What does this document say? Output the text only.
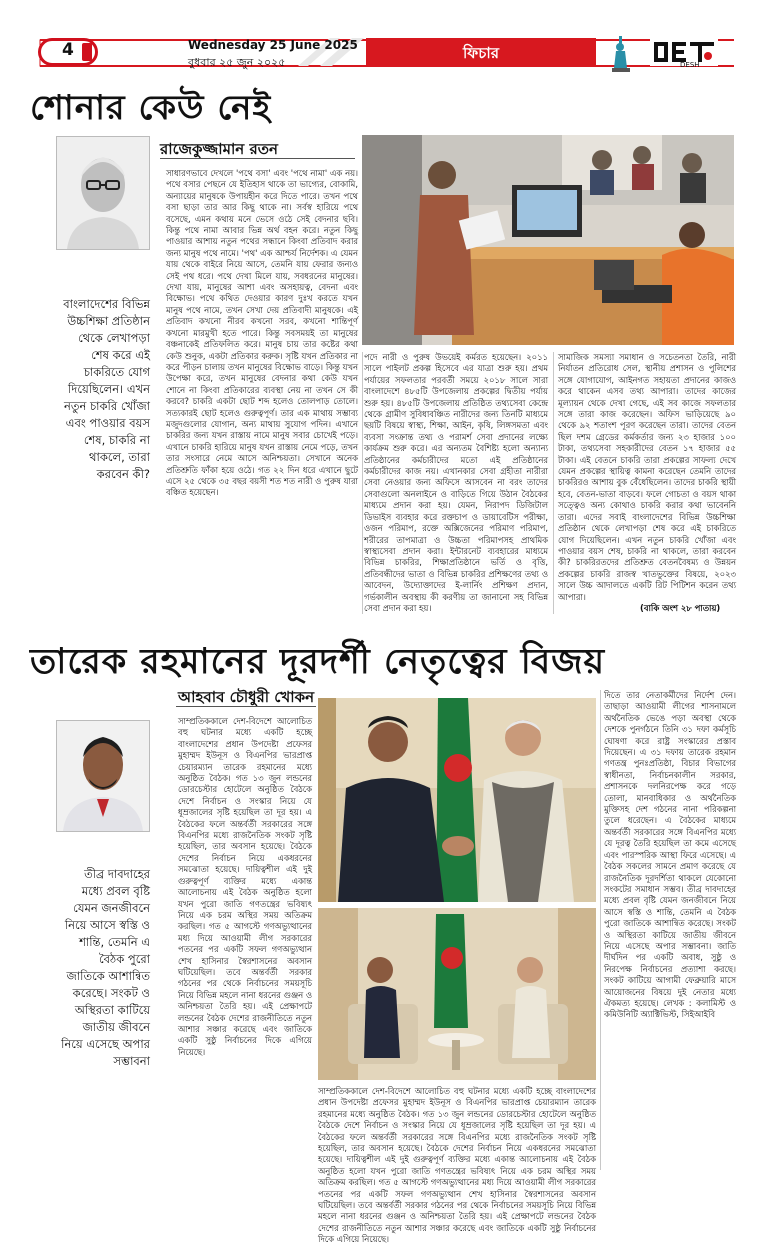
4	Wednesday 25 June 2025
বুধবার ২৫ জুন ২০২৫
ফিচার
DESH
শোনার কেউ নেই
রাজেকুজ্জামান রতন
বাংলাদেশের বিভিন্ন উচ্চশিক্ষা প্রতিষ্ঠান থেকে লেখাপড়া শেষ করে এই চাকরিতে যোগ দিয়েছিলেন। এখন নতুন চাকরি খোঁজা এবং পাওয়ার বয়স শেষ, চাকরি না থাকলে, তারা করবেন কী?
সাধারণভাবে দেখলে 'পথে বসা' এবং 'পথে নামা' এক নয়। পথে বসার পেছনে যে ইতিহাস থাকে তা ভাগ্যের, বোকামি, অন্যায়ের মানুষকে উপায়হীন করে দিতে পারে। তখন পথে বসা ছাড়া তার আর কিছু থাকে না। সর্বস্ব হারিয়ে পথে বসেছে, এমন কথায় মনে ভেসে ওঠে সেই বেদনার ছবি। কিন্তু পথে নামা আবার ভিন্ন অর্থ বহন করে। নতুন কিছু পাওয়ার আশায় নতুন পথের সন্ধানে কিংবা প্রতিবাদ করার জন্য মানুষ পথে নামে। 'পথ' এক আশ্চর্য নির্দেশক। এ যেমন যায় থেকে বাইরে নিয়ে আসে, তেমনি যায় ফেরার জন্যও সেই পথ ধরে। পথে দেখা মিলে যায়, সবধরনের মানুষের। দেখা যায়, মানুষের আশা এবং অসহায়ত্ব, বেদনা এবং বিক্ষোভ। পথে কথিত দেওয়ার কারণ দুঃখ করতে যখন মানুষ পথে নামে, তখন সেখা দেয় প্রতিবাদী মানুষকে। এই প্রতিবাদ কখনো নীরব কখনো সরব, কখনো শান্তিপূর্ণ কখনো মারমুখী হতে পারে। কিন্তু সবসময়ই তা মানুষের বঞ্চনাকেই প্রতিফলিত করে। মানুষ চায় তার কষ্টের কথা কেউ শুনুক, একটা প্রতিকার করুক। সৃষ্টি যখন প্রতিকার না করে পীড়ন চালায় তখন মানুষের বিক্ষোভ বাড়ে। কিন্তু যখন উপেক্ষা করে, তখন মানুষের বেদনার কথা কেউ যখন শোনে না কিংবা প্রতিকারের ব্যবস্থা নেয় না তখন সে কী করবে? চাকরি একটা ছোট শব্দ হলেও তোলপাড় তোলে। সত্যকারই ছোট হলেও গুরুত্বপূর্ণ। তার এক মাথায় সম্ভাব্য মজুদগুলোর যোগান, অন্য মাথায় সুযোগ পদিন। এখানে চাকরির জন্য যখন রাস্তায় নামে মানুষ সবার চোখেই পড়ে। এখানে চাকরি হারিয়ে মানুষ যখন রাস্তায় নেমে পড়ে, তখন তার সংসারে নেমে আসে অনিশ্চয়তা। সেখানে অনেক প্রতিশ্রুতি ফাঁকা হয়ে ওঠে। গত ২২ দিন ধরে এখানে ছুটে এসে ২৫ থেকে ৩৫ বছর বয়সী শত শত নারী ও পুরুষ যারা বঞ্চিত হয়েছেন।
পদে নারী ও পুরুষ উভয়েই কর্মরত হয়েছেন। ২০১১ সালে পাইলট প্রকল্প হিসেবে এর যাত্রা শুরু হয়। প্রথম পর্যায়ের সফলতার পরবর্তী সময়ে ২০১৮ সালে সারা বাংলাদেশে ৪৮৫টি উপজেলায় প্রকল্পের দ্বিতীয় পর্যায় শুরু হয়। ৪৮৫টি উপজেলায় প্রতিষ্ঠিত তথ্যসেবা কেন্দ্রে থেকে গ্রামীণ সুবিধাবঞ্চিত নারীদের জন্য তিনটি মাধ্যমে ছয়টি বিষয়ে স্বাস্থ্য, শিক্ষা, আইন, কৃষি, লিঙ্গসমতা এবং ব্যবসা সংক্রান্ত তথ্য ও পরামর্শ সেবা প্রদানের লক্ষ্যে কার্যক্রম শুরু করে। এর অন্যতম বৈশিষ্ট্য হলো অন্যান্য প্রতিষ্ঠানের কর্মচারীদের মতো এই প্রতিষ্ঠানের কর্মচারীদের কাজ নয়। এখানকার সেবা গ্রহীতা নারীরা সেবা নেওয়ার জন্য অফিসে আসবেন না বরং তাদের সেবাগুলো অনলাইনে ও বাড়িতে গিয়ে উঠান বৈঠকের মাধ্যমে প্রদান করা হয়। যেমন, নিরাপদ ডিজিটাল ডিভাইস ব্যবহার করে রক্তচাপ ও ডায়াবেটিস পরীক্ষা, ওজন পরিমাপ, রক্তে অক্সিজেনের পরিমাণ পরিমাপ, শরীরের তাপমাত্রা ও উচ্চতা পরিমাপসহ প্রাথমিক স্বাস্থ্যসেবা প্রদান করা। ইন্টারনেট ব্যবহারের মাধ্যমে বিভিন্ন চাকরির, শিক্ষাপ্রতিষ্ঠানে ভর্তি ও বৃত্তি, প্রতিবন্ধীদের ভাতা ও বিভিন্ন চাকরির প্রশিক্ষণের তথ্য ও আবেদন, উদ্যোক্তাদের ই-লার্নিং প্রশিক্ষণ প্রদান, গর্ভকালীন অবস্থায় কী করণীয় তা জানানো সহ বিভিন্ন সেবা প্রদান করা হয়।
সামাজিক সমস্যা সমাধান ও সচেতনতা তৈরি, নারী নির্যাতন প্রতিরোধ সেল, স্থানীয় প্রশাসন ও পুলিশের সঙ্গে যোগাযোগ, আইনগত সহায়তা প্রদানের কাজও করে থাকেন এসব তথ্য আপারা। তাদের কাজের মূল্যায়ন থেকে দেখা গেছে, এই সব কাজে সফলতার সঙ্গে তারা কাজ করেছেন। অফিস ভাড়িয়েছে ৯০ থেকে ৯২ শতাংশ পূরণ করেছেন তারা। তাদের বেতন ছিল দশম গ্রেডের কর্মকর্তার জন্য ২৩ হাজার ১০০ টাকা, তথ্যসেবা সহকারীদের বেতন ১৭ হাজার ৫৫ টাকা। এই বেতনে চাকরি তারা প্রকল্পের সাফল্য দেখে যেমন প্রকল্পের স্থায়িত্ব কামনা করেছেন তেমনি তাদের চাকরিরও আশায় বুক বেঁধেছিলেন। তাদের চাকরি স্থায়ী হবে, বেতন-ভাতা বাড়বে। ফলে গোচতা ও বয়স থাকা সত্ত্বেও অন্য কোথাও চাকরি করার কথা ভাবেননি তারা। এদের সবাই বাংলাদেশের বিভিন্ন উচ্চশিক্ষা প্রতিষ্ঠান থেকে লেখাপড়া শেষ করে এই চাকরিতে যোগ দিয়েছিলেন। এখন নতুন চাকরি খোঁজা এবং পাওয়ার বয়স শেষ, চাকরি না থাকলে, তারা করবেন কী? চাকরিরতদের প্রতিশ্রুত বেতনবৈষম্য ও উন্নয়ন প্রকল্পের চাকরি রাজস্ব খাতভুক্তের বিষয়ে, ২০২৩ সালে উচ্চ আদালতে একটি রিট পিটিশন করেন তথ্য আপারা।
(বাকি অংশ ২৮ পাতায়)
তারেক রহমানের দূরদর্শী নেতৃত্বের বিজয়
আহবাব চৌধুরী খোকন
তীব্র দাবদাহের মধ্যে প্রবল বৃষ্টি যেমন জনজীবনে নিয়ে আসে স্বস্তি ও শান্তি, তেমনি এ বৈঠক পুরো জাতিকে আশান্বিত করেছে। সংকট ও অস্থিরতা কাটিয়ে জাতীয় জীবনে নিয়ে এসেছে অপার সম্ভাবনা
সাম্প্রতিককালে দেশ-বিদেশে আলোচিত বহু ঘটনার মধ্যে একটি হচ্ছে বাংলাদেশের প্রধান উপদেষ্টা প্রফেসর মুহাম্মদ ইউনূস ও বিএনপির ভারপ্রাপ্ত চেয়ারম্যান তারেক রহমানের মধ্যে অনুষ্ঠিত বৈঠক। গত ১৩ জুন লন্ডনের ডোরচেস্টার হোটেলে অনুষ্ঠিত বৈঠকে দেশে নির্বাচন ও সংস্কার নিয়ে যে ধূম্রজালের সৃষ্টি হয়েছিল তা দূর হয়। এ বৈঠকের ফলে অন্তর্বর্তী সরকারের সঙ্গে বিএনপির মধ্যে রাজনৈতিক সংকট সৃষ্টি হয়েছিল, তার অবসান হয়েছে। বৈঠকে দেশের নির্বাচন নিয়ে একধরনের সমঝোতা হয়েছে। দায়িত্বশীল এই দুই গুরুত্বপূর্ণ ব্যক্তির মধ্যে একান্ত আলোচনায় এই বৈঠক অনুষ্ঠিত হলো যখন পুরো জাতি গণতন্ত্রের ভবিষ্যৎ নিয়ে এক চরম অস্থির সময় অতিক্রম করছিল। গত ৫ আগস্টে গণঅভ্যুত্থানের মধ্য দিয়ে আওয়ামী লীগ সরকারের পতনের পর একটি সফল গণঅভ্যুত্থান শেখ হাসিনার স্বৈরশাসনের অবসান ঘটিয়েছিল। তবে অন্তর্বর্তী সরকার গঠনের পর থেকে নির্বাচনের সময়সূচি নিয়ে বিভিন্ন মহলে নানা ধরনের গুঞ্জন ও অনিশ্চয়তা তৈরি হয়। এই প্রেক্ষাপটে লন্ডনের বৈঠক দেশের রাজনীতিতে নতুন আশার সঞ্চার করেছে এবং জাতিকে একটি সুষ্ঠু নির্বাচনের দিকে এগিয়ে নিয়েছে।
দিতে তার নেতাকর্মীদের নির্দেশ দেন। তাছাড়া আওয়ামী লীগের শাসনামলে অর্থনৈতিক ভেঙে পড়া অবস্থা থেকে দেশকে পুনর্গঠনে তিনি ৩১ দফা কর্মসূচি ঘোষণা করে রাষ্ট্র সংস্কারের প্রস্তাব দিয়েছেন। এ ৩১ দফায় তারেক রহমান গণতন্ত্র পুনঃপ্রতিষ্ঠা, বিচার বিভাগের স্বাধীনতা, নির্বাচনকালীন সরকার, প্রশাসনকে দলনিরপেক্ষ করে গড়ে তোলা, মানবাধিকার ও অর্থনৈতিক মুক্তিসহ দেশ গঠনের নানা পরিকল্পনা তুলে ধরেছেন। এ বৈঠকের মাধ্যমে অন্তর্বর্তী সরকারের সঙ্গে বিএনপির মধ্যে যে দূরত্ব তৈরি হয়েছিল তা কমে এসেছে এবং পারস্পরিক আস্থা ফিরে এসেছে। এ বৈঠক সকলের সামনে প্রমাণ করেছে যে রাজনৈতিক দূরদর্শিতা থাকলে যেকোনো সংকটের সমাধান সম্ভব। তীব্র দাবদাহের মধ্যে প্রবল বৃষ্টি যেমন জনজীবনে নিয়ে আসে স্বস্তি ও শান্তি, তেমনি এ বৈঠক পুরো জাতিকে আশান্বিত করেছে। সংকট ও অস্থিরতা কাটিয়ে জাতীয় জীবনে নিয়ে এসেছে অপার সম্ভাবনা। জাতি দীর্ঘদিন পর একটি অবাধ, সুষ্ঠু ও নিরপেক্ষ নির্বাচনের প্রত্যাশা করছে। সংকট কাটিয়ে আগামী ফেব্রুয়ারি মাসে আয়োজনের বিষয়ে দুই নেতার মধ্যে ঐকমত্য হয়েছে। লেখক : কলামিস্ট ও কমিউনিটি অ্যাক্টিভিস্ট, সিইআইবি
সাম্প্রতিককালে দেশ-বিদেশে আলোচিত বহু ঘটনার মধ্যে একটি হচ্ছে বাংলাদেশের প্রধান উপদেষ্টা প্রফেসর মুহাম্মদ ইউনূস ও বিএনপির ভারপ্রাপ্ত চেয়ারম্যান তারেক রহমানের মধ্যে অনুষ্ঠিত বৈঠক। গত ১৩ জুন লন্ডনের ডোরচেস্টার হোটেলে অনুষ্ঠিত বৈঠকে দেশে নির্বাচন ও সংস্কার নিয়ে যে ধূম্রজালের সৃষ্টি হয়েছিল তা দূর হয়। এ বৈঠকের ফলে অন্তর্বর্তী সরকারের সঙ্গে বিএনপির মধ্যে রাজনৈতিক সংকট সৃষ্টি হয়েছিল, তার অবসান হয়েছে। বৈঠকে দেশের নির্বাচন নিয়ে একধরনের সমঝোতা হয়েছে। দায়িত্বশীল এই দুই গুরুত্বপূর্ণ ব্যক্তির মধ্যে একান্ত আলোচনায় এই বৈঠক অনুষ্ঠিত হলো যখন পুরো জাতি গণতন্ত্রের ভবিষ্যৎ নিয়ে এক চরম অস্থির সময় অতিক্রম করছিল। গত ৫ আগস্টে গণঅভ্যুত্থানের মধ্য দিয়ে আওয়ামী লীগ সরকারের পতনের পর একটি সফল গণঅভ্যুত্থান শেখ হাসিনার স্বৈরশাসনের অবসান ঘটিয়েছিল। তবে অন্তর্বর্তী সরকার গঠনের পর থেকে নির্বাচনের সময়সূচি নিয়ে বিভিন্ন মহলে নানা ধরনের গুঞ্জন ও অনিশ্চয়তা তৈরি হয়। এই প্রেক্ষাপটে লন্ডনের বৈঠক দেশের রাজনীতিতে নতুন আশার সঞ্চার করেছে এবং জাতিকে একটি সুষ্ঠু নির্বাচনের দিকে এগিয়ে নিয়েছে।
